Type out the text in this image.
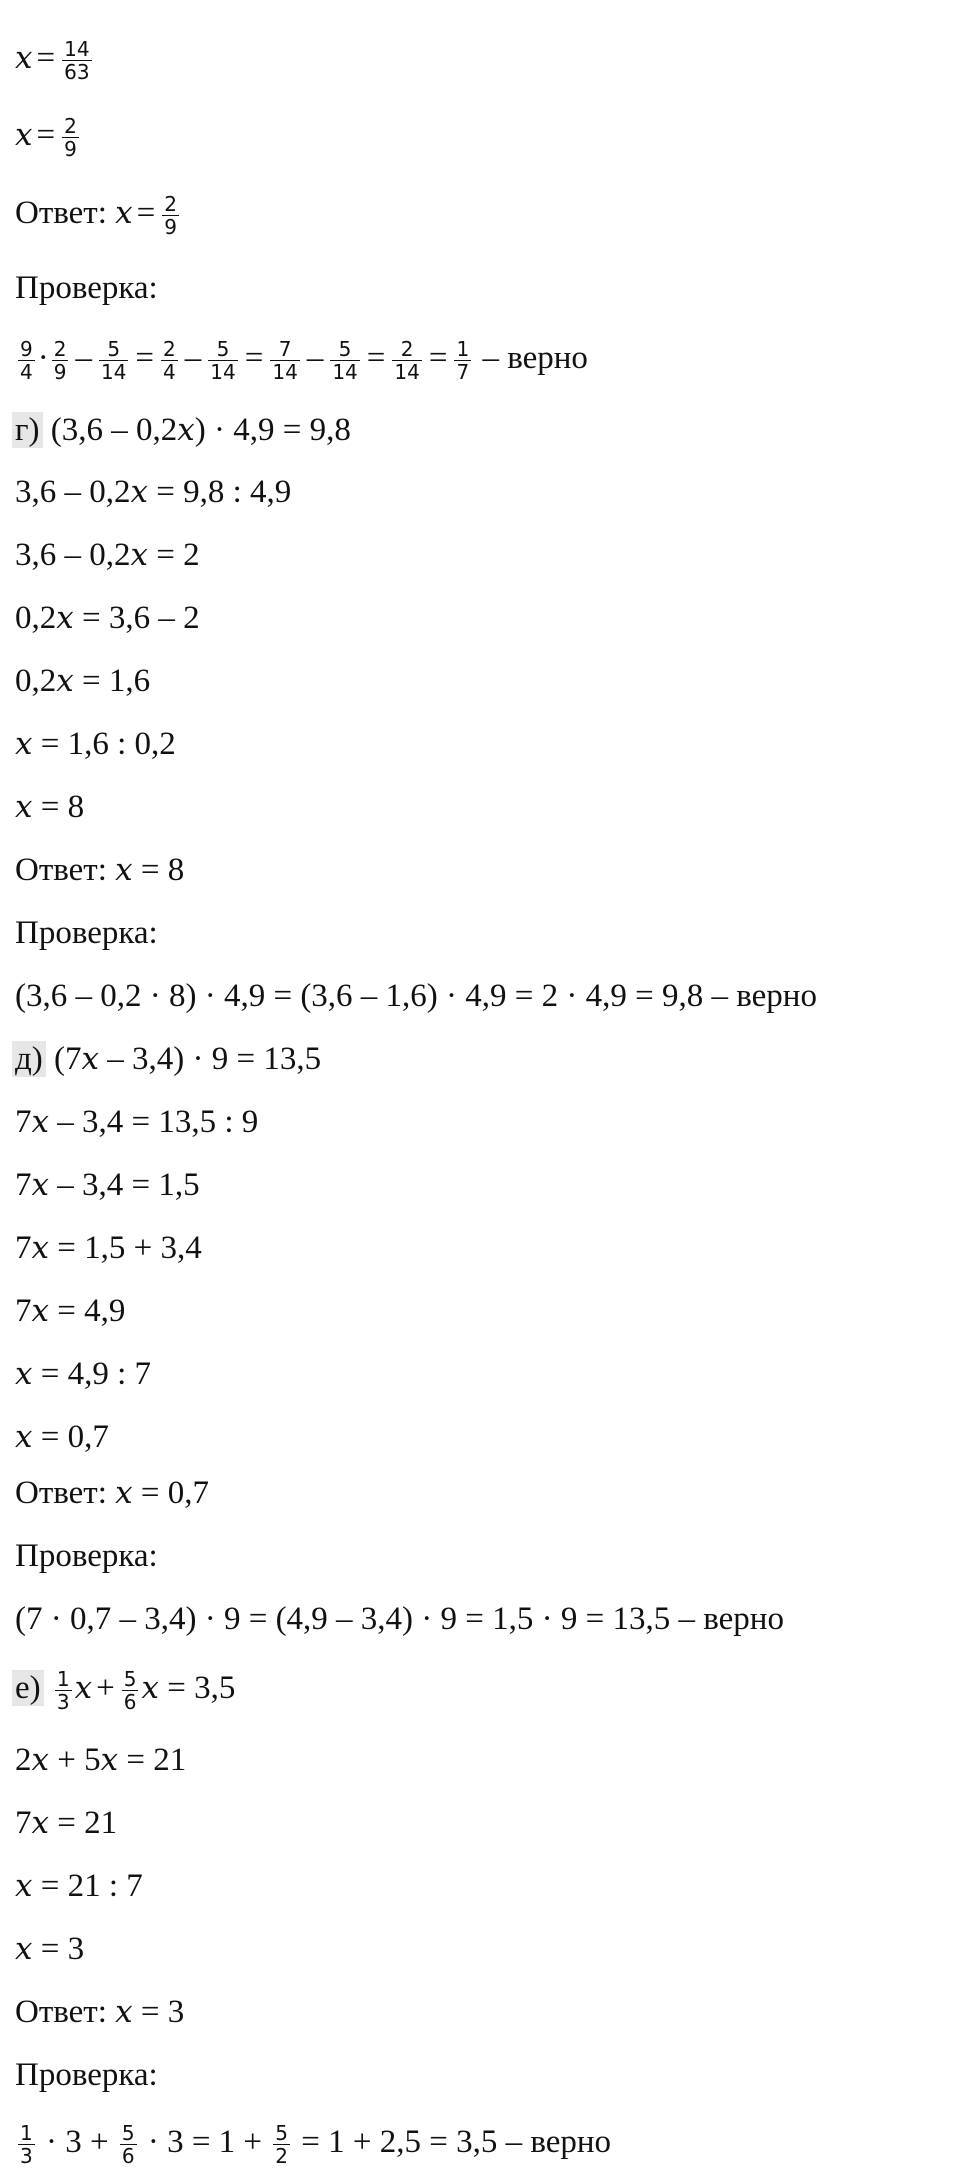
$x = \frac{14}{63}$
$x = \frac{2}{9}$
Ответ: $x = \frac{2}{9}$
Проверка:
$\frac{9}{4} \cdot \frac{2}{9} - \frac{5}{14} = \frac{2}{4} - \frac{5}{14} = \frac{7}{14} - \frac{5}{14} = \frac{2}{14} = \frac{1}{7}$ – верно
г) (3,6 – 0,2x) · 4,9 = 9,8
3,6 – 0,2x = 9,8 : 4,9
3,6 – 0,2x = 2
0,2x = 3,6 – 2
0,2x = 1,6
x = 1,6 : 0,2
x = 8
Ответ: x = 8
Проверка:
(3,6 – 0,2 · 8) · 4,9 = (3,6 – 1,6) · 4,9 = 2 · 4,9 = 9,8 – верно
д) (7x – 3,4) · 9 = 13,5
7x – 3,4 = 13,5 : 9
7x – 3,4 = 1,5
7x = 1,5 + 3,4
7x = 4,9
x = 4,9 : 7
x = 0,7
Ответ: x = 0,7
Проверка:
(7 · 0,7 – 3,4) · 9 = (4,9 – 3,4) · 9 = 1,5 · 9 = 13,5 – верно
$е) \frac{1}{3}$ $x + \frac{5}{6}$ x = 3,5
2x + 5x = 21
7x = 21
x = 21 : 7
x = 3
Ответ: x = 3
Проверка:
$\frac{1}{3} \cdot 3 + \frac{5}{6} \cdot 3 = 1 + \frac{5}{2} = 1 + 2,5 = 3,5$ – верно
